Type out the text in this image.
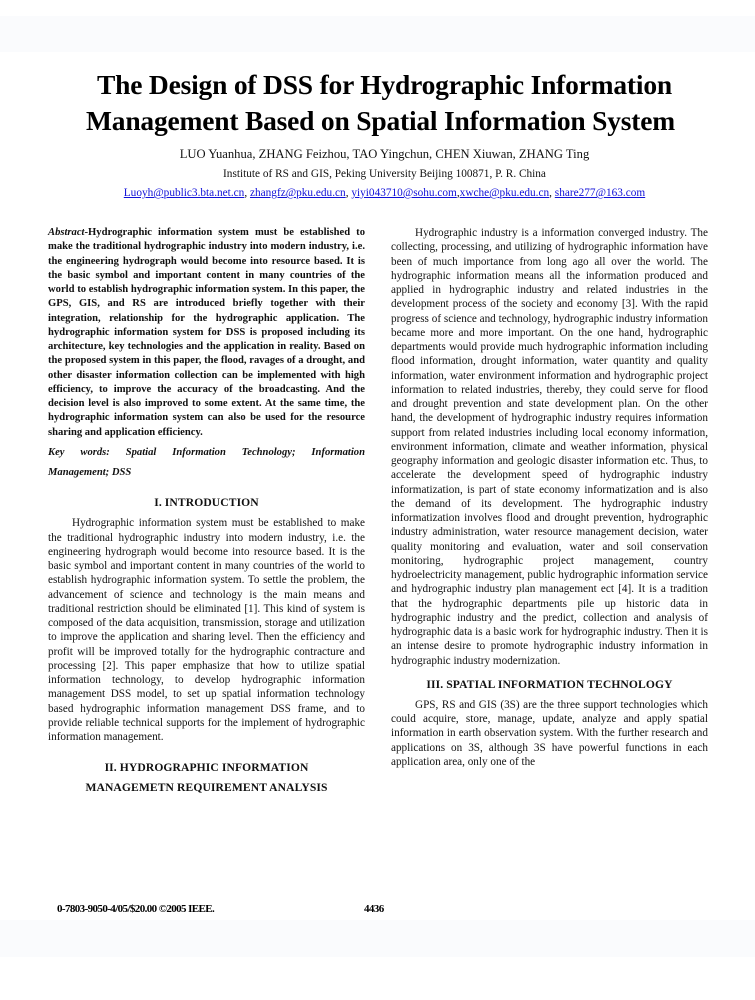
The Design of DSS for Hydrographic Information
Management Based on Spatial Information System
LUO Yuanhua, ZHANG Feizhou, TAO Yingchun, CHEN Xiuwan, ZHANG Ting
Institute of RS and GIS, Peking University Beijing 100871, P. R. China
Luoyh@public3.bta.net.cn, zhangfz@pku.edu.cn, yiyi043710@sohu.com,xwche@pku.edu.cn, share277@163.com

Abstract-Hydrographic information system must be established to make the traditional hydrographic industry into modern industry, i.e. the engineering hydrograph would become into resource based. It is the basic symbol and important content in many countries of the world to establish hydrographic information system. In this paper, the GPS, GIS, and RS are introduced briefly together with their integration, relationship for the hydrographic application. The hydrographic information system for DSS is proposed including its architecture, key technologies and the application in reality. Based on the proposed system in this paper, the flood, ravages of a drought, and other disaster information collection can be implemented with high efficiency, to improve the accuracy of the broadcasting. And the decision level is also improved to some extent. At the same time, the hydrographic information system can also be used for the resource sharing and application efficiency.

Key words: Spatial Information Technology; Information
Management; DSS
I. INTRODUCTION

Hydrographic information system must be established to make the traditional hydrographic industry into modern industry, i.e. the engineering hydrograph would become into resource based. It is the basic symbol and important content in many countries of the world to establish hydrographic information system. To settle the problem, the advancement of science and technology is the main means and traditional restriction should be eliminated [1]. This kind of system is composed of the data acquisition, transmission, storage and utilization to improve the application and sharing level. Then the efficiency and profit will be improved totally for the hydrographic contracture and processing [2]. This paper emphasize that how to utilize spatial information technology, to develop hydrographic information management DSS model, to set up spatial information technology based hydrographic information management DSS frame, and to provide reliable technical supports for the implement of hydrographic information management.

II. HYDROGRAPHIC INFORMATION
MANAGEMETN REQUIREMENT ANALYSIS

Hydrographic industry is a information converged industry. The collecting, processing, and utilizing of hydrographic information have been of much importance from long ago all over the world. The hydrographic information means all the information produced and applied in hydrographic industry and related industries in the development process of the society and economy [3]. With the rapid progress of science and technology, hydrographic industry information became more and more important. On the one hand, hydrographic departments would provide much hydrographic information including flood information, drought information, water quantity and quality information, water environment information and hydrographic project information to related industries, thereby, they could serve for flood and drought prevention and state development plan. On the other hand, the development of hydrographic industry requires information support from related industries including local economy information, environment information, climate and weather information, physical geography information and geologic disaster information etc. Thus, to accelerate the development speed of hydrographic industry informatization, is part of state economy informatization and is also the demand of its development. The hydrographic industry informatization involves flood and drought prevention, hydrographic industry administration, water resource management decision, water quality monitoring and evaluation, water and soil conservation monitoring, hydrographic project management, country hydroelectricity management, public hydrographic information service and hydrographic industry plan management ect [4]. It is a tradition that the hydrographic departments pile up historic data in hydrographic industry and the predict, collection and analysis of hydrographic data is a basic work for hydrographic industry. Then it is an intense desire to promote hydrographic industry information in hydrographic industry modernization.

III. SPATIAL INFORMATION TECHNOLOGY

GPS, RS and GIS (3S) are the three support technologies which could acquire, store, manage, update, analyze and apply spatial information in earth observation system. With the further research and applications on 3S, although 3S have powerful functions in each application area, only one of the

0-7803-9050-4/05/$20.00 ©2005 IEEE.	4436
